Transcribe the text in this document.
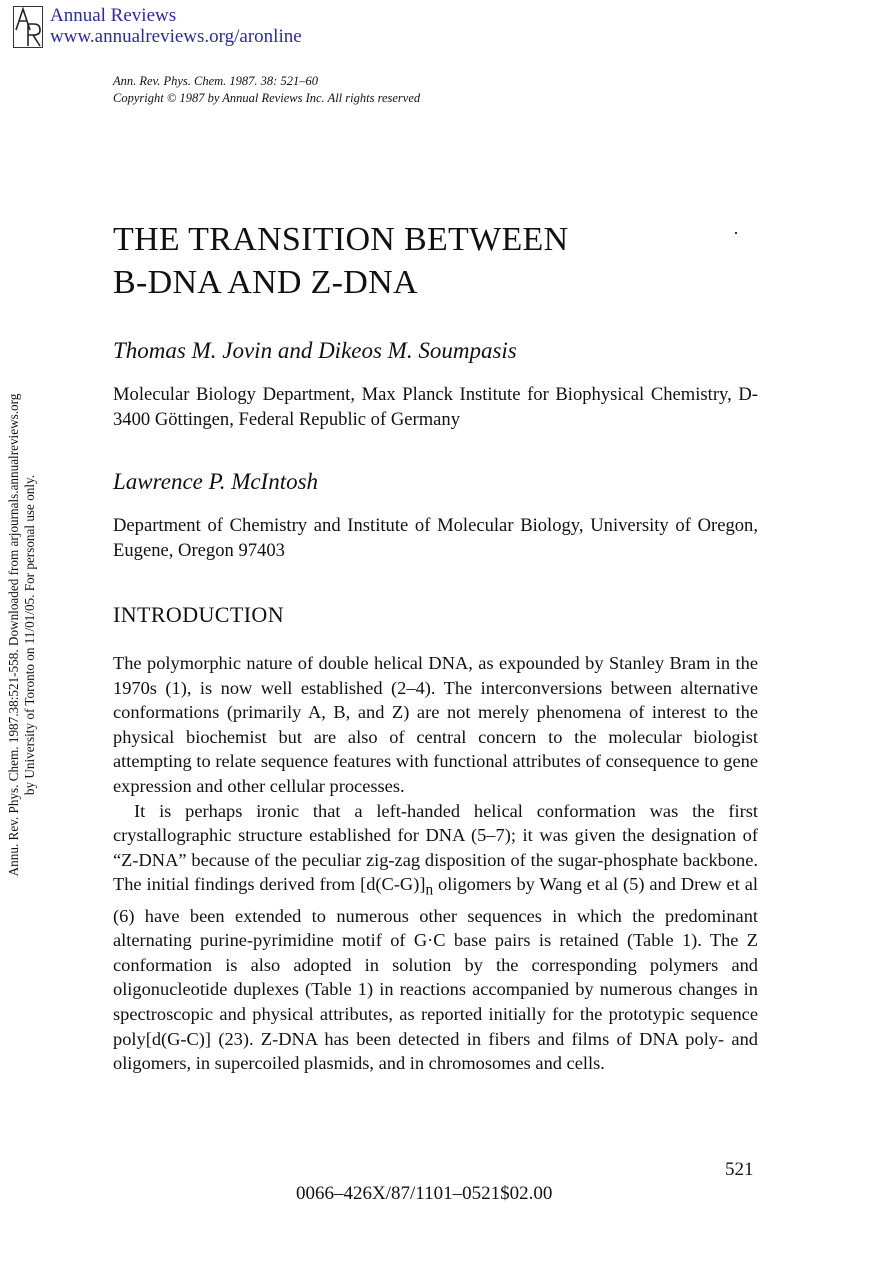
Annual Reviews
www.annualreviews.org/aronline
Ann. Rev. Phys. Chem. 1987. 38: 521–60
Copyright © 1987 by Annual Reviews Inc. All rights reserved
Annu. Rev. Phys. Chem. 1987.38:521-558. Downloaded from arjournals.annualreviews.org by University of Toronto on 11/01/05. For personal use only.
THE TRANSITION BETWEEN
B-DNA AND Z-DNA
Thomas M. Jovin and Dikeos M. Soumpasis
Molecular Biology Department, Max Planck Institute for Biophysical Chemistry, D-3400 Göttingen, Federal Republic of Germany
Lawrence P. McIntosh
Department of Chemistry and Institute of Molecular Biology, University of Oregon, Eugene, Oregon 97403
INTRODUCTION

The polymorphic nature of double helical DNA, as expounded by Stanley Bram in the 1970s (1), is now well established (2–4). The interconversions between alternative conformations (primarily A, B, and Z) are not merely phenomena of interest to the physical biochemist but are also of central concern to the molecular biologist attempting to relate sequence features with functional attributes of consequence to gene expression and other cellular processes.

It is perhaps ironic that a left-handed helical conformation was the first crystallographic structure established for DNA (5–7); it was given the designation of “Z-DNA” because of the peculiar zig-zag disposition of the sugar-phosphate backbone. The initial findings derived from $[d(C-G)]_n$ oligomers by Wang et al (5) and Drew et al (6) have been extended to numerous other sequences in which the predominant alternating purine-pyrimidine motif of G·C base pairs is retained (Table 1). The Z conformation is also adopted in solution by the corresponding polymers and oligonucleotide duplexes (Table 1) in reactions accompanied by numerous changes in spectroscopic and physical attributes, as reported initially for the prototypic sequence poly[d(G-C)] (23). Z-DNA has been detected in fibers and films of DNA poly- and oligomers, in supercoiled plasmids, and in chromosomes and cells.

521
0066–426X/87/1101–0521$02.00
